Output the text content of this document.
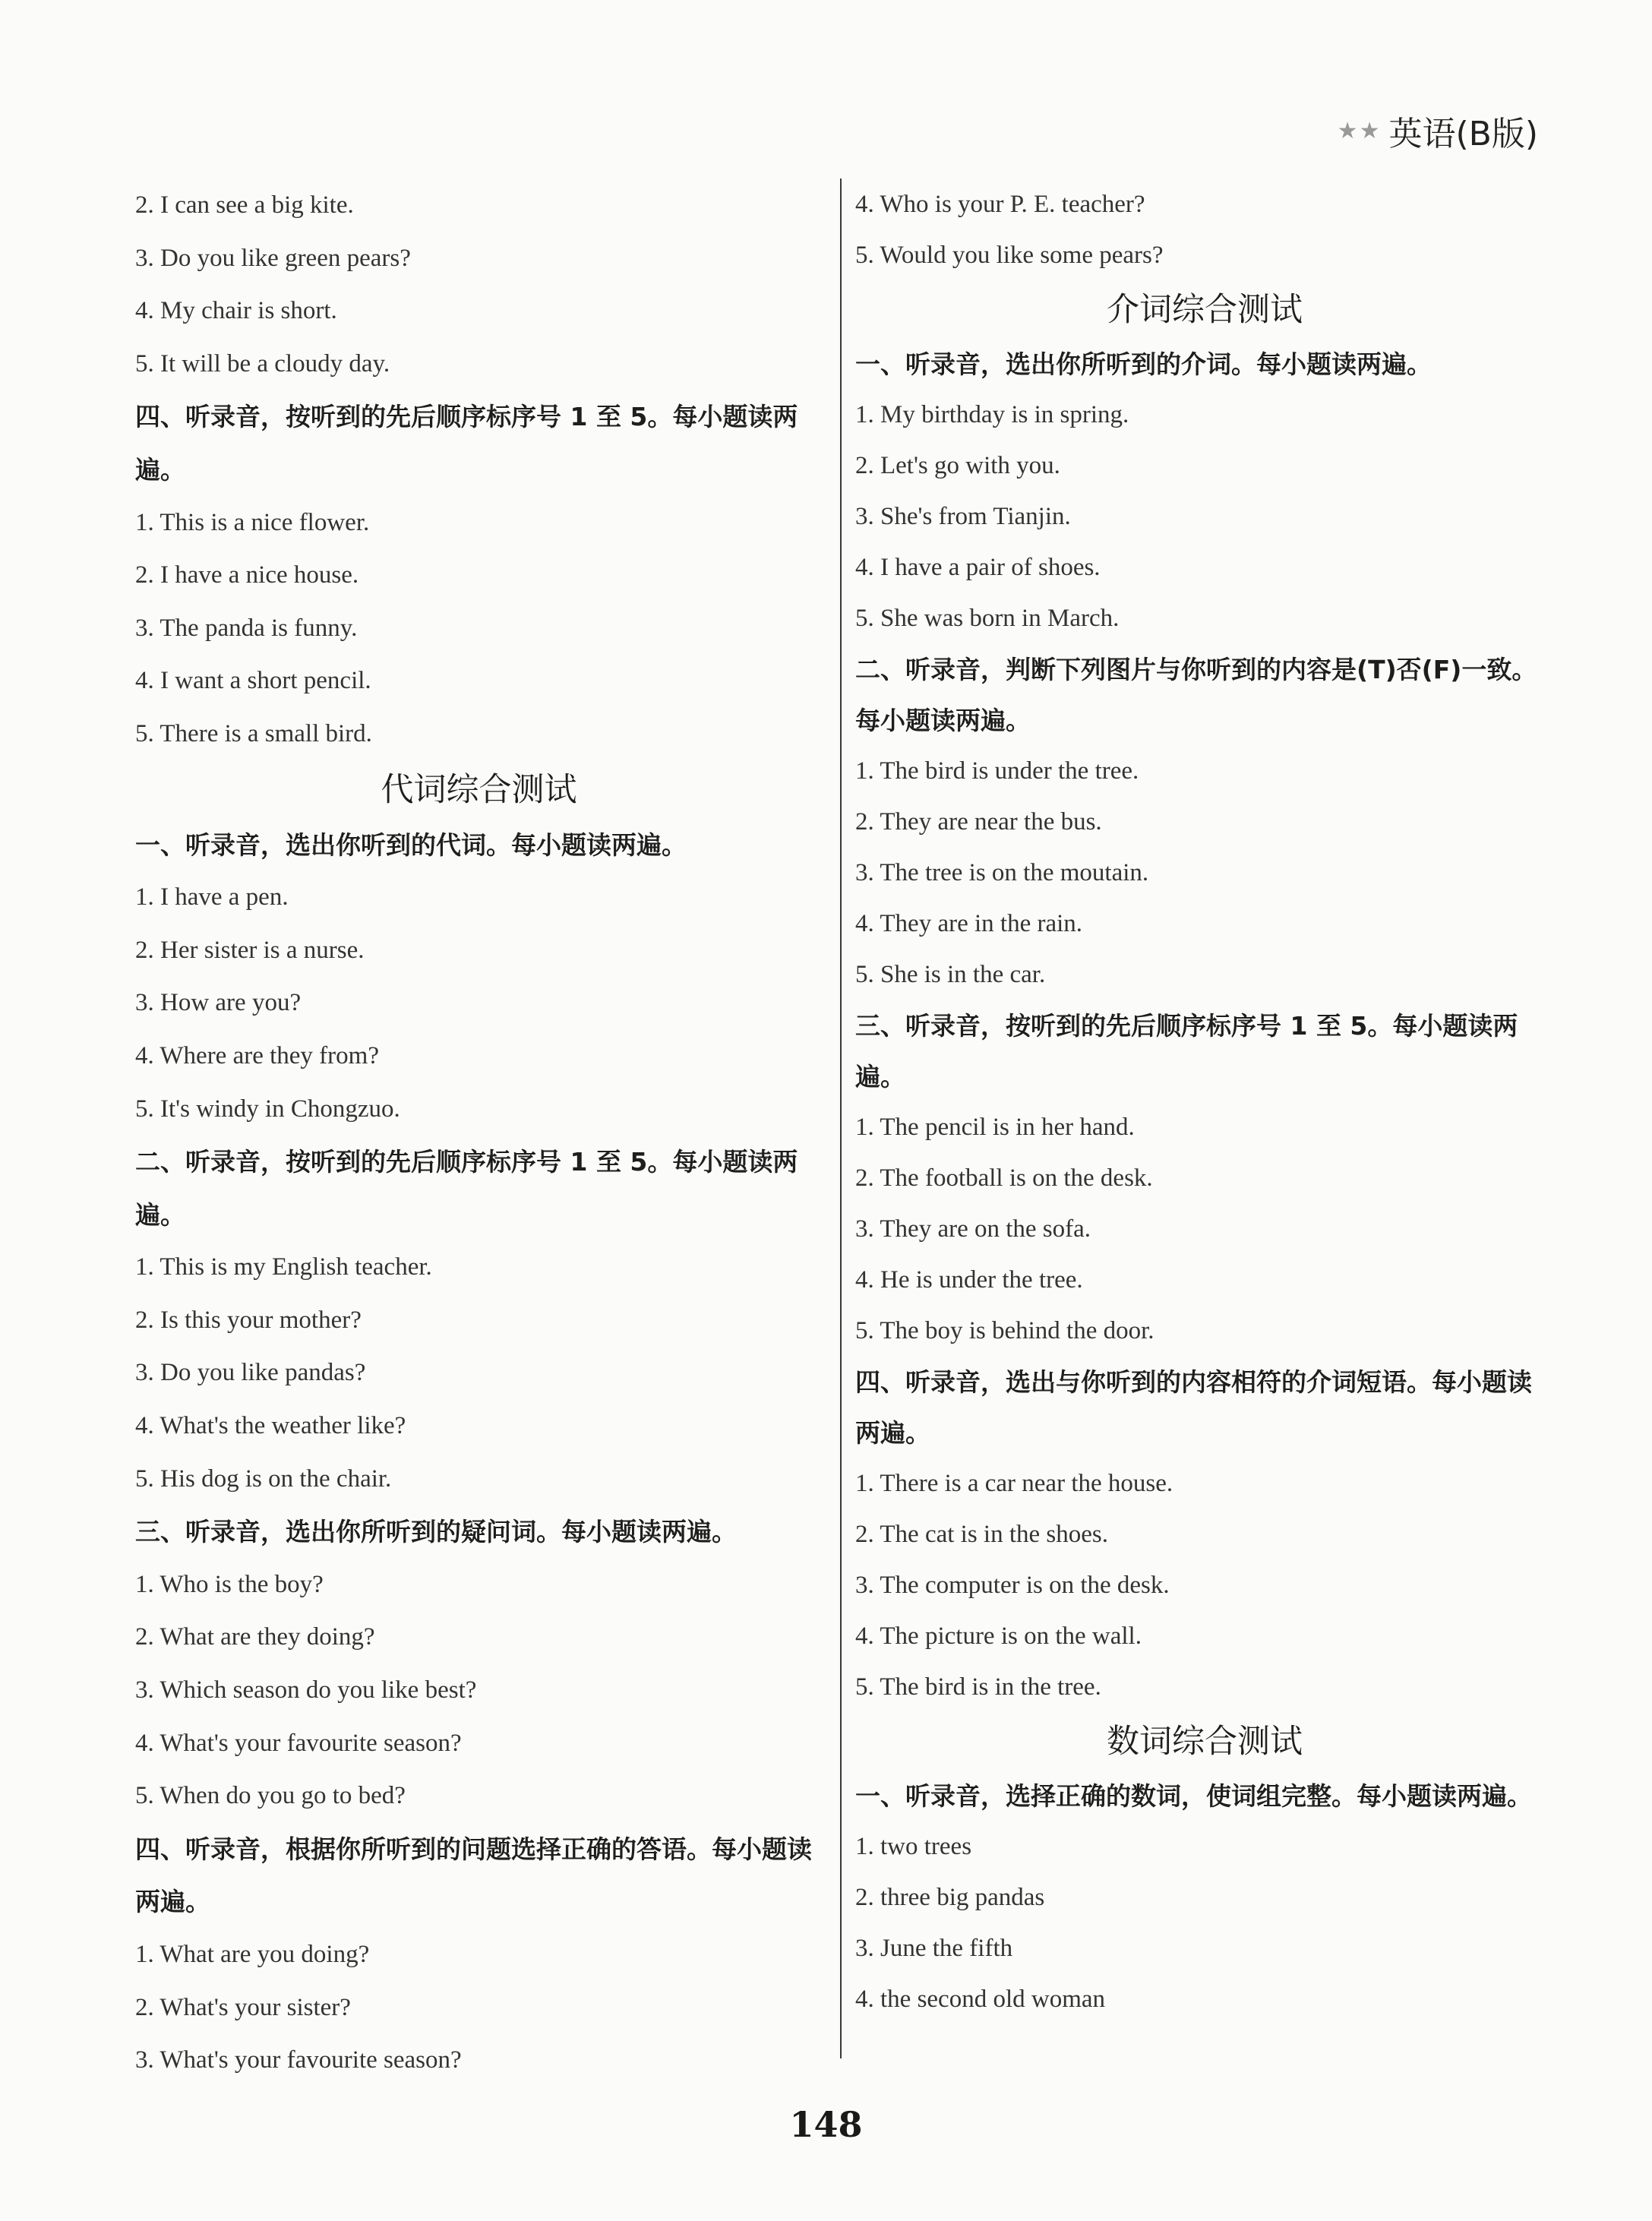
★★ 英语(B版)
2. I can see a big kite.
3. Do you like green pears?
4. My chair is short.
5. It will be a cloudy day.
四、听录音，按听到的先后顺序标序号 1 至 5。每小题读两遍。
1. This is a nice flower.
2. I have a nice house.
3. The panda is funny.
4. I want a short pencil.
5. There is a small bird.
代词综合测试
一、听录音，选出你听到的代词。每小题读两遍。
1. I have a pen.
2. Her sister is a nurse.
3. How are you?
4. Where are they from?
5. It's windy in Chongzuo.
二、听录音，按听到的先后顺序标序号 1 至 5。每小题读两遍。
1. This is my English teacher.
2. Is this your mother?
3. Do you like pandas?
4. What's the weather like?
5. His dog is on the chair.
三、听录音，选出你所听到的疑问词。每小题读两遍。
1. Who is the boy?
2. What are they doing?
3. Which season do you like best?
4. What's your favourite season?
5. When do you go to bed?
四、听录音，根据你所听到的问题选择正确的答语。每小题读两遍。
1. What are you doing?
2. What's your sister?
3. What's your favourite season?
4. Who is your P. E. teacher?
5. Would you like some pears?
介词综合测试
一、听录音，选出你所听到的介词。每小题读两遍。
1. My birthday is in spring.
2. Let's go with you.
3. She's from Tianjin.
4. I have a pair of shoes.
5. She was born in March.
二、听录音，判断下列图片与你听到的内容是(T)否(F)一致。每小题读两遍。
1. The bird is under the tree.
2. They are near the bus.
3. The tree is on the moutain.
4. They are in the rain.
5. She is in the car.
三、听录音，按听到的先后顺序标序号 1 至 5。每小题读两遍。
1. The pencil is in her hand.
2. The football is on the desk.
3. They are on the sofa.
4. He is under the tree.
5. The boy is behind the door.
四、听录音，选出与你听到的内容相符的介词短语。每小题读两遍。
1. There is a car near the house.
2. The cat is in the shoes.
3. The computer is on the desk.
4. The picture is on the wall.
5. The bird is in the tree.
数词综合测试
一、听录音，选择正确的数词，使词组完整。每小题读两遍。
1. two trees
2. three big pandas
3. June the fifth
4. the second old woman
148
